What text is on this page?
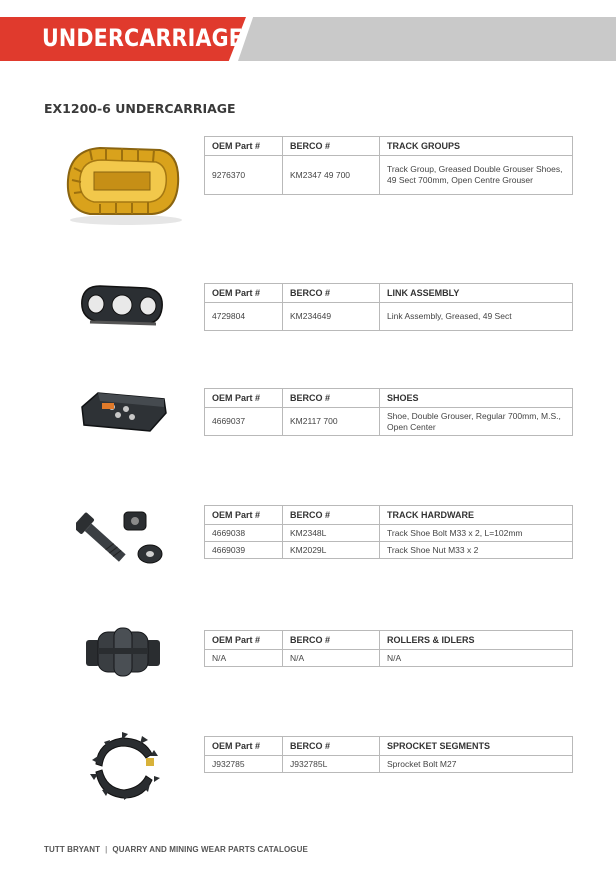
UNDERCARRIAGE
EX1200-6 UNDERCARRIAGE
OEM Part #	BERCO #	TRACK GROUPS
9276370	KM2347 49 700	Track Group, Greased Double Grouser Shoes, 49 Sect 700mm, Open Centre Grouser
OEM Part #	BERCO #	LINK ASSEMBLY
4729804	KM234649	Link Assembly, Greased, 49 Sect
OEM Part #	BERCO #	SHOES
4669037	KM2117 700	Shoe, Double Grouser, Regular 700mm, M.S., Open Center
OEM Part #	BERCO #	TRACK HARDWARE
4669038	KM2348L	Track Shoe Bolt M33 x 2, L=102mm
4669039	KM2029L	Track Shoe Nut M33 x 2
OEM Part #	BERCO #	ROLLERS & IDLERS
N/A	N/A	N/A
OEM Part #	BERCO #	SPROCKET SEGMENTS
J932785	J932785L	Sprocket Bolt M27
TUTT BRYANT | QUARRY AND MINING WEAR PARTS CATALOGUE
